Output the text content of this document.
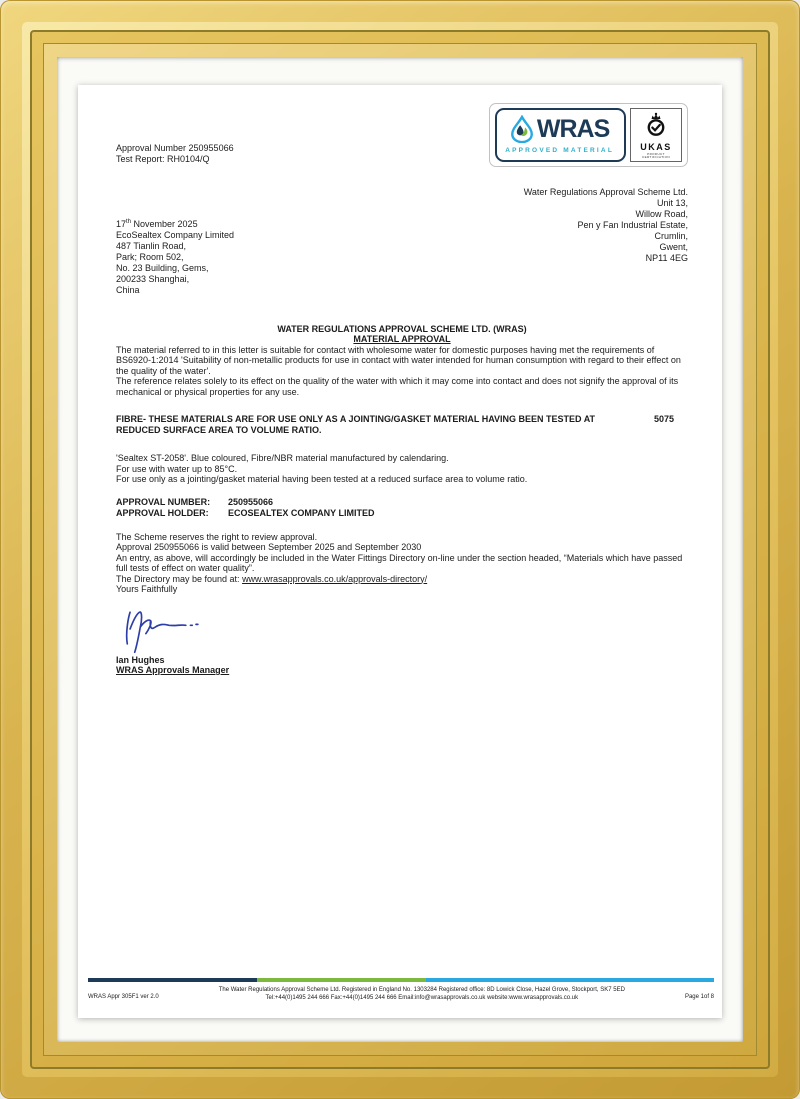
Approval Number 250955066

Test Report: RH0104/Q

WRAS
APPROVED MATERIAL	UKAS
PRODUCT
CERTIFICATION

17th November 2025

EcoSealtex Company Limited
487 Tianlin Road,
Park; Room 502,
No. 23 Building, Gems,
200233 Shanghai,
China
Water Regulations Approval Scheme Ltd.
Unit 13,
Willow Road,
Pen y Fan Industrial Estate,
Crumlin,
Gwent,
NP11 4EG
WATER REGULATIONS APPROVAL SCHEME LTD. (WRAS)
MATERIAL APPROVAL

The material referred to in this letter is suitable for contact with wholesome water for domestic purposes having met the requirements of BS6920-1:2014 'Suitability of non-metallic products for use in contact with water intended for human consumption with regard to their effect on the quality of the water'.

The reference relates solely to its effect on the quality of the water with which it may come into contact and does not signify the approval of its mechanical or physical properties for any use.

FIBRE- THESE MATERIALS ARE FOR USE ONLY AS A JOINTING/GASKET MATERIAL HAVING BEEN TESTED AT REDUCED SURFACE AREA TO VOLUME RATIO.
5075

'Sealtex ST-2058'. Blue coloured, Fibre/NBR material manufactured by calendaring.

For use with water up to 85°C.

For use only as a jointing/gasket material having been tested at a reduced surface area to volume ratio.

APPROVAL NUMBER: 250955066

APPROVAL HOLDER: ECOSEALTEX COMPANY LIMITED

The Scheme reserves the right to review approval.

Approval 250955066 is valid between September 2025 and September 2030

An entry, as above, will accordingly be included in the Water Fittings Directory on-line under the section headed, “Materials which have passed full tests of effect on water quality”.

The Directory may be found at: www.wrasapprovals.co.uk/approvals-directory/

Yours Faithfully

Ian Hughes

WRAS Approvals Manager

WRAS Appr 305F1 ver 2.0
The Water Regulations Approval Scheme Ltd. Registered in England No. 1303284 Registered office: 8D Lowick Close, Hazel Grove, Stockport, SK7 5ED
Tel:+44(0)1495 244 666 Fax:+44(0)1495 244 666 Email:info@wrasapprovals.co.uk website:www.wrasapprovals.co.uk	Page 1of 8
